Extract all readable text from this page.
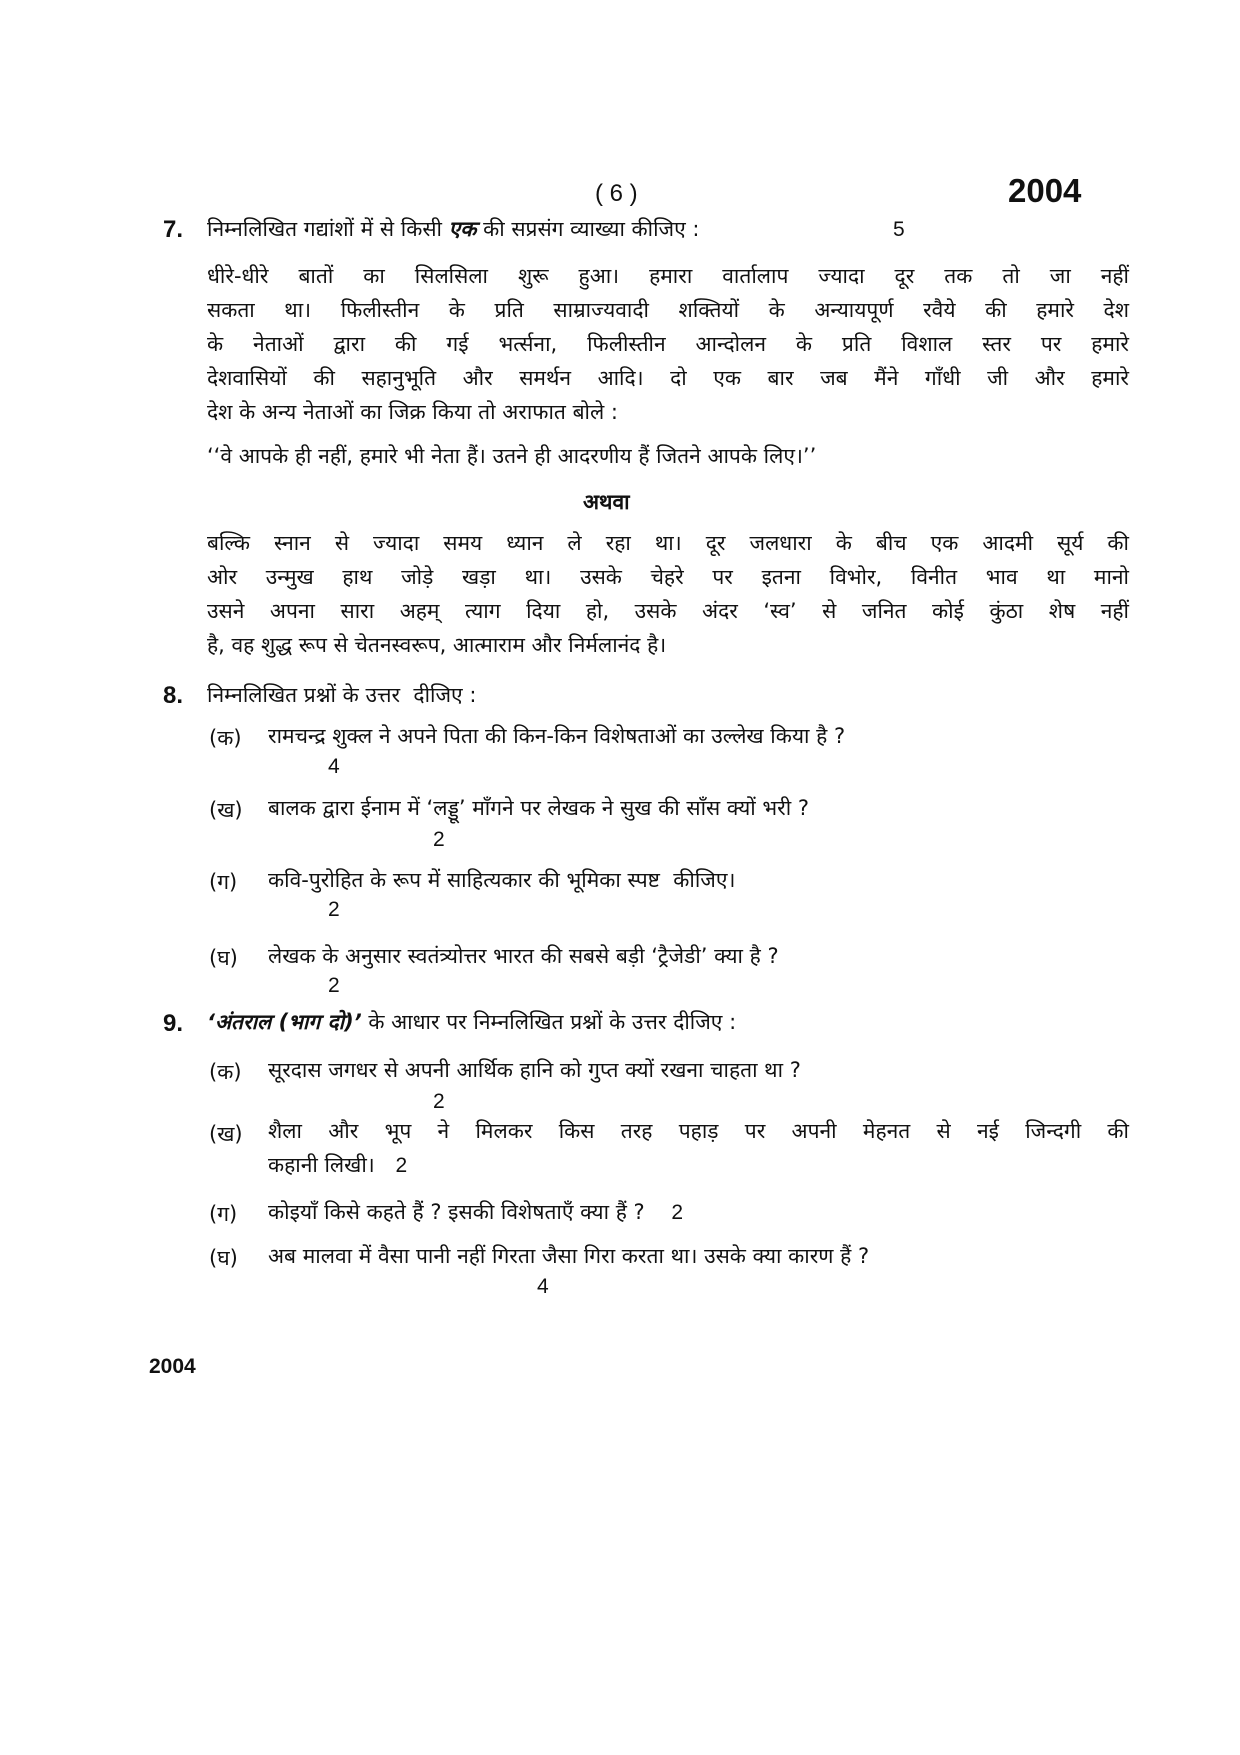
( 6 )	2004
7. निम्नलिखित गद्यांशों में से किसी एक की सप्रसंग व्याख्या कीजिए :	5
धीरे-धीरे बातों का सिलसिला शुरू हुआ। हमारा वार्तालाप ज्यादा दूर तक तो जा नहीं
सकता था। फिलीस्तीन के प्रति साम्राज्यवादी शक्तियों के अन्यायपूर्ण रवैये की हमारे देश
के नेताओं द्वारा की गई भर्त्सना, फिलीस्तीन आन्दोलन के प्रति विशाल स्तर पर हमारे
देशवासियों की सहानुभूति और समर्थन आदि। दो एक बार जब मैंने गाँधी जी और हमारे
देश के अन्य नेताओं का जिक्र किया तो अराफात बोले :
‘‘वे आपके ही नहीं, हमारे भी नेता हैं। उतने ही आदरणीय हैं जितने आपके लिए।’’
अथवा
बल्कि स्नान से ज्यादा समय ध्यान ले रहा था। दूर जलधारा के बीच एक आदमी सूर्य की
ओर उन्मुख हाथ जोड़े खड़ा था। उसके चेहरे पर इतना विभोर, विनीत भाव था मानो
उसने अपना सारा अहम् त्याग दिया हो, उसके अंदर ‘स्व’ से जनित कोई कुंठा शेष नहीं
है, वह शुद्ध रूप से चेतनस्वरूप, आत्माराम और निर्मलानंद है।
8. निम्नलिखित प्रश्नों के उत्तर  दीजिए :
(क) रामचन्द्र शुक्ल ने अपने पिता की किन-किन विशेषताओं का उल्लेख किया है ?
4
(ख) बालक द्वारा ईनाम में ‘लड्डू’ माँगने पर लेखक ने सुख की साँस क्यों भरी ?
2
(ग) कवि-पुरोहित के रूप में साहित्यकार की भूमिका स्पष्ट  कीजिए।
2
(घ) लेखक के अनुसार स्वतंत्र्योत्तर भारत की सबसे बड़ी ‘ट्रैजेडी’ क्या है ?
2
9. ‘अंतराल (भाग दो)’ के आधार पर निम्नलिखित प्रश्नों के उत्तर दीजिए :
(क) सूरदास जगधर से अपनी आर्थिक हानि को गुप्त क्यों रखना चाहता था ?
2
(ख) शैला और भूप ने मिलकर किस तरह पहाड़ पर अपनी मेहनत से नई जिन्दगी की
कहानी लिखी। 2
(ग) कोइयाँ किसे कहते हैं ? इसकी विशेषताएँ क्या हैं ? 2
(घ) अब मालवा में वैसा पानी नहीं गिरता जैसा गिरा करता था। उसके क्या कारण हैं ?
4
2004
